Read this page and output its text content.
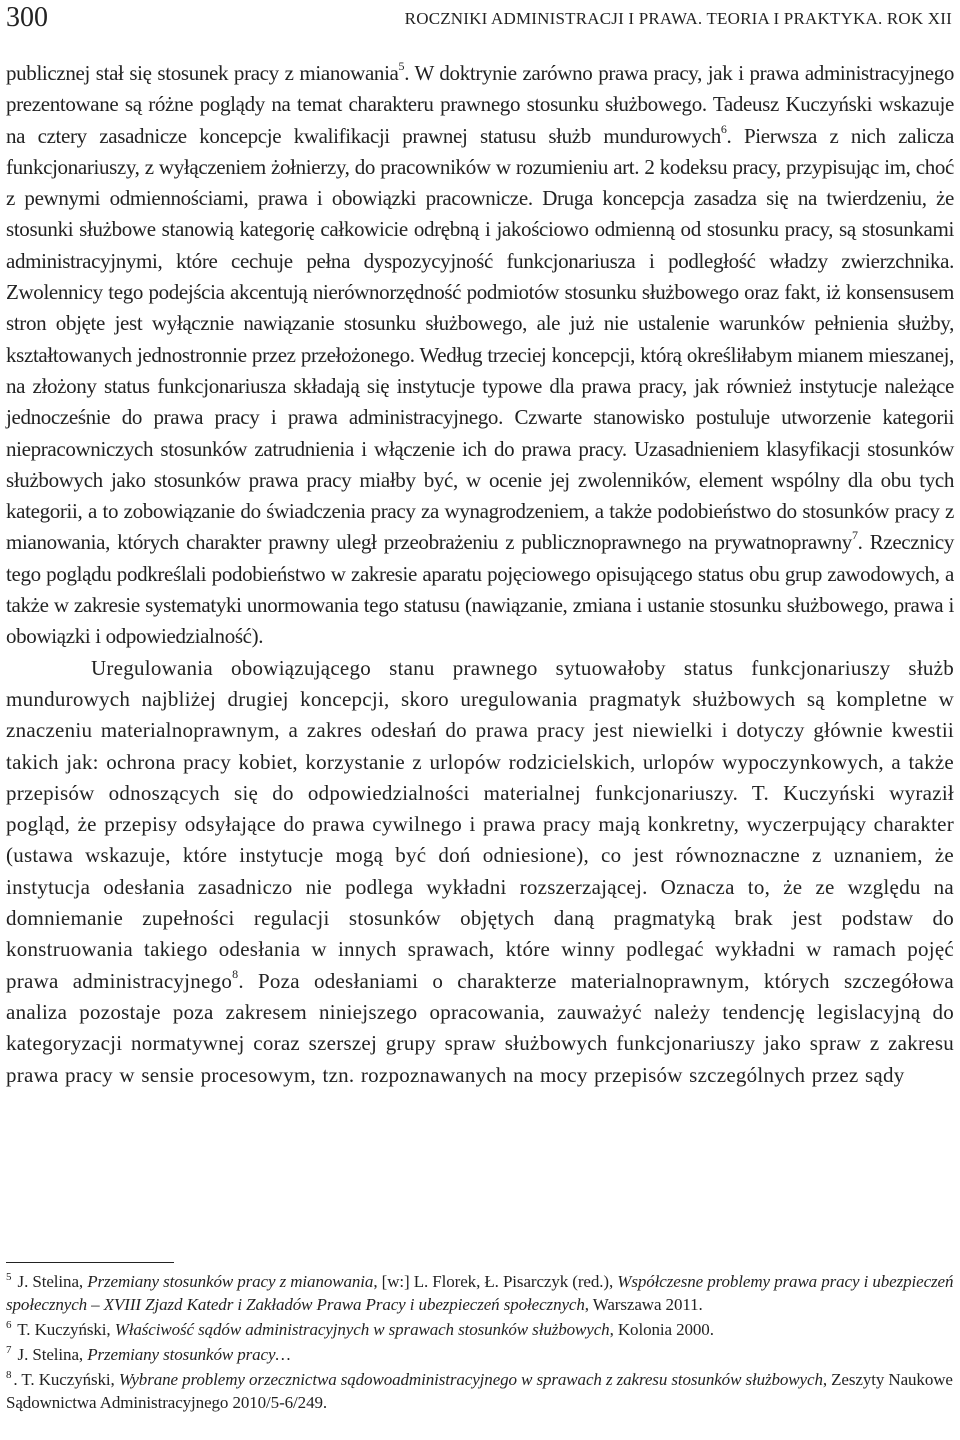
300	ROCZNIKI ADMINISTRACJI I PRAWA. TEORIA I PRAKTYKA. ROK XII

publicznej stał się stosunek pracy z mianowania$^5$. W doktrynie zarówno prawa pracy, jak i prawa administracyjnego prezentowane są różne poglądy na temat charakteru prawnego stosunku służbowego. Tadeusz Kuczyński wskazuje na cztery zasadnicze koncepcje kwalifikacji prawnej statusu służb mundurowych$^6$. Pierwsza z nich zalicza funkcjonariuszy, z wyłączeniem żołnierzy, do pracowników w rozumieniu art. 2 kodeksu pracy, przypisując im, choć z pewnymi odmiennościami, prawa i obowiązki pracownicze. Druga koncepcja zasadza się na twierdzeniu, że stosunki służbowe stanowią kategorię całkowicie odrębną i jakościowo odmienną od stosunku pracy, są stosunkami administracyjnymi, które cechuje pełna dyspozycyjność funkcjonariusza i podległość władzy zwierzchnika. Zwolennicy tego podejścia akcentują nierównorzędność podmiotów stosunku służbowego oraz fakt, iż konsensusem stron objęte jest wyłącznie nawiązanie stosunku służbowego, ale już nie ustalenie warunków pełnienia służby, kształtowanych jednostronnie przez przełożonego. Według trzeciej koncepcji, którą określiłabym mianem mieszanej, na złożony status funkcjonariusza składają się instytucje typowe dla prawa pracy, jak również instytucje należące jednocześnie do prawa pracy i prawa administracyjnego. Czwarte stanowisko postuluje utworzenie kategorii niepracowniczych stosunków zatrudnienia i włączenie ich do prawa pracy. Uzasadnieniem klasyfikacji stosunków służbowych jako stosunków prawa pracy miałby być, w ocenie jej zwolenników, element wspólny dla obu tych kategorii, a to zobowiązanie do świadczenia pracy za wynagrodzeniem, a także podobieństwo do stosunków pracy z mianowania, których charakter prawny uległ przeobrażeniu z publicznoprawnego na prywatnoprawny$^7$. Rzecznicy tego poglądu podkreślali podobieństwo w zakresie aparatu pojęciowego opisującego status obu grup zawodowych, a także w zakresie systematyki unormowania tego statusu (nawiązanie, zmiana i ustanie stosunku służbowego, prawa i obowiązki i odpowiedzialność).

Uregulowania obowiązującego stanu prawnego sytuowałoby status funkcjonariuszy służb mundurowych najbliżej drugiej koncepcji, skoro uregulowania pragmatyk służbowych są kompletne w znaczeniu materialnoprawnym, a zakres odesłań do prawa pracy jest niewielki i dotyczy głównie kwestii takich jak: ochrona pracy kobiet, korzystanie z urlopów rodzicielskich, urlopów wypoczynkowych, a także przepisów odnoszących się do odpowiedzialności materialnej funkcjonariuszy. T. Kuczyński wyraził pogląd, że przepisy odsyłające do prawa cywilnego i prawa pracy mają konkretny, wyczerpujący charakter (ustawa wskazuje, które instytucje mogą być doń odniesione), co jest równoznaczne z uznaniem, że instytucja odesłania zasadniczo nie podlega wykładni rozszerzającej. Oznacza to, że ze względu na domniemanie zupełności regulacji stosunków objętych daną pragmatyką brak jest podstaw do konstruowania takiego odesłania w innych sprawach, które winny podlegać wykładni w ramach pojęć prawa administracyjnego$^8$. Poza odesłaniami o charakterze materialnoprawnym, których szczegółowa analiza pozostaje poza zakresem niniejszego opracowania, zauważyć należy tendencję legislacyjną do kategoryzacji normatywnej coraz szerszej grupy spraw służbowych funkcjonariuszy jako spraw z zakresu prawa pracy w sensie procesowym, tzn. rozpoznawanych na mocy przepisów szczególnych przez sądy

$^5$ J. Stelina, Przemiany stosunków pracy z mianowania, [w:] L. Florek, Ł. Pisarczyk (red.), Współczesne problemy prawa pracy i ubezpieczeń społecznych – XVIII Zjazd Katedr i Zakładów Prawa Pracy i ubezpieczeń społecznych, Warszawa 2011.

$^6$ T. Kuczyński, Właściwość sądów administracyjnych w sprawach stosunków służbowych, Kolonia 2000.

$^7$ J. Stelina, Przemiany stosunków pracy…

$^8$ . T. Kuczyński, Wybrane problemy orzecznictwa sądowoadministracyjnego w sprawach z zakresu stosunków służbowych, Zeszyty Naukowe Sądownictwa Administracyjnego 2010/5-6/249.
